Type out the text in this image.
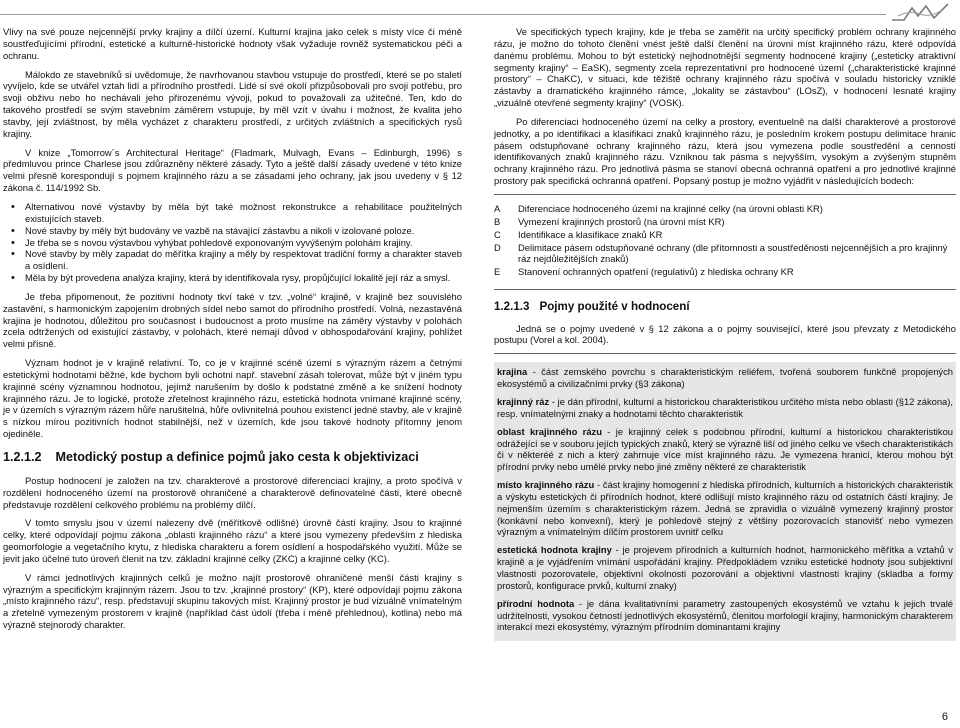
Vlivy na své pouze nejcennější prvky krajiny a dílčí území. Kulturní krajina jako celek s místy více či méně soustřeďujícími přírodní, estetické a kulturně-historické hodnoty však vyžaduje rovněž systematickou péči a ochranu.

Málokdo ze stavebníků si uvědomuje, že navrhovanou stavbou vstupuje do prostředí, které se po staletí vyvíjelo, kde se utvářel vztah lidí a přírodního prostředí. Lidé si své okolí přizpůsobovali pro svoji potřebu, pro svoji obživu nebo ho nechávali jeho přirozenému vývoji, pokud to považovali za užitečné. Ten, kdo do takového prostředí se svým stavebním záměrem vstupuje, by měl vzít v úvahu i možnost, že kvalita jeho stavby, její zvláštnost, by měla vycházet z charakteru prostředí, z určitých zvláštních a specifických rysů krajiny.

V knize „Tomorrow´s Architectural Heritage“ (Fladmark, Mulvagh, Evans – Edinburgh, 1996) s předmluvou prince Charlese jsou zdůrazněny některé zásady. Tyto a ještě další zásady uvedené v této knize velmi přesně korespondují s pojmem krajinného rázu a se zásadami jeho ochrany, jak jsou uvedeny v § 12 zákona č. 114/1992 Sb.

• Alternativou nové výstavby by měla být také možnost rekonstrukce a rehabilitace použitelných existujících staveb.
• Nové stavby by měly být budovány ve vazbě na stávající zástavbu a nikoli v izolované poloze.
• Je třeba se s novou výstavbou vyhýbat pohledově exponovaným vyvýšeným polohám krajiny.
• Nové stavby by měly zapadat do měřítka krajiny a měly by respektovat tradiční formy a charakter staveb a osídlení.
• Měla by být provedena analýza krajiny, která by identifikovala rysy, propůjčující lokalitě její ráz a smysl.

Je třeba připomenout, že pozitivní hodnoty tkví také v tzv. „volné“ krajině, v krajině bez souvislého zastavění, s harmonickým zapojením drobných sídel nebo samot do přírodního prostředí. Volná, nezastavěná krajina je hodnotou, důležitou pro současnost i budoucnost a proto musíme na záměry výstavby v polohách zcela odtržených od existující zástavby, v polohách, které nemají důvod v obhospodařování krajiny, pohlížet velmi přísně.

Význam hodnot je v krajině relativní. To, co je v krajinné scéně území s výrazným rázem a četnými estetickými hodnotami běžné, kde bychom byli ochotni např. stavební zásah tolerovat, může být v jiném typu krajinné scény významnou hodnotou, jejímž narušením by došlo k podstatné změně a ke snížení hodnoty krajinného rázu. Je to logické, protože zřetelnost krajinného rázu, estetická hodnota vnímané krajinné scény, je v územích s výrazným rázem hůře narušitelná, hůře ovlivnitelná pouhou existencí jedné stavby, ale v krajině s nízkou mírou pozitivních hodnot stabilnější, než v územích, kde jsou takové hodnoty přítomny jenom ojediněle.

1.2.1.2 Metodický postup a definice pojmů jako cesta k objektivizaci

Postup hodnocení je založen na tzv. charakterové a prostorové diferenciaci krajiny, a proto spočívá v rozdělení hodnoceného území na prostorově ohraničené a charakterově definovatelné části, které obecně představuje rozdělení celkového problému na problémy dílčí.

V tomto smyslu jsou v území nalezeny dvě (měřítkově odlišné) úrovně částí krajiny. Jsou to krajinné celky, které odpovídají pojmu zákona „oblasti krajinného rázu“ a které jsou vymezeny především z hlediska geomorfologie a vegetačního krytu, z hlediska charakteru a forem osídlení a hospodářského využití. Může se jevit jako účelné tuto úroveň členit na tzv. základní krajinné celky (ZKC) a krajinné celky (KC).

V rámci jednotlivých krajinných celků je možno najít prostorově ohraničené menší části krajiny s výrazným a specifickým krajinným rázem. Jsou to tzv. „krajinné prostory“ (KP), které odpovídají pojmu zákona „místo krajinného rázu“, resp. představují skupinu takových míst. Krajinný prostor je bud vizuálně vnímatelným a zřetelně vymezeným prostorem v krajině (například část údolí (třeba i méně přehlednou), kotlina) nebo má výrazně stejnorodý charakter.

Ve specifických typech krajiny, kde je třeba se zaměřit na určitý specifický problém ochrany krajinného rázu, je možno do tohoto členění vnést ještě další členění na úrovni míst krajinného rázu, které odpovídá danému problému. Mohou to být estetický nejhodnotnější segmenty hodnocené krajiny („esteticky atraktivní segmenty krajiny“ – EaSK), segmenty zcela reprezentativní pro hodnocené území („charakteristické krajinné prostory“ – ChaKC), v situaci, kde těžiště ochrany krajinného rázu spočívá v souladu historicky vzniklé zástavby a dramatického krajinného rámce, „lokality se zástavbou“ (LOsZ), v hodnocení lesnaté krajiny „vizuálně otevřené segmenty krajiny“ (VOSK).

Po diferenciaci hodnoceného území na celky a prostory, eventuelně na další charakterové a prostorové jednotky, a po identifikaci a klasifikaci znaků krajinného rázu, je posledním krokem postupu delimitace hranic pásem odstupňované ochrany krajinného rázu, která jsou vymezena podle soustředění a cenností identifikovaných znaků krajinného rázu. Vzniknou tak pásma s nejvyšším, vysokým a zvýšeným stupněm ochrany krajinného rázu. Pro jednotlivá pásma se stanoví obecná ochranná opatření a pro jednotlivé krajinné prostory pak specifická ochranná opatření. Popsaný postup je možno vyjádřit v následujících bodech:

A	Diferenciace hodnoceného území na krajinné celky (na úrovni oblasti KR)
B	Vymezení krajinných prostorů (na úrovni míst KR)
C	Identifikace a klasifikace znaků KR
D	Delimitace pásem odstupňované ochrany (dle přítomnosti a soustředěnosti nejcennějších a pro krajinný ráz nejdůležitějších znaků)
E	Stanovení ochranných opatření (regulativů) z hlediska ochrany KR
1.2.1.3 Pojmy použité v hodnocení

Jedná se o pojmy uvedené v § 12 zákona a o pojmy související, které jsou převzaty z Metodického postupu (Vorel a kol. 2004).

krajina - část zemského povrchu s charakteristickým reliéfem, tvořená souborem funkčně propojených ekosystémů a civilizačními prvky (§3 zákona)

krajinný ráz - je dán přírodní, kulturní a historickou charakteristikou určitého místa nebo oblasti (§12 zákona), resp. vnímatelnými znaky a hodnotami těchto charakteristik

oblast krajinného rázu - je krajinný celek s podobnou přírodní, kulturní a historickou charakteristikou odrážející se v souboru jejích typických znaků, který se výrazně liší od jiného celku ve všech charakteristikách či v některéé z nich a který zahrnuje více míst krajinného rázu. Je vymezena hranicí, kterou mohou být přírodní prvky nebo umělé prvky nebo jiné změny některé ze charakteristik

místo krajinného rázu - část krajiny homogenní z hlediska přírodních, kulturních a historických charakteristik a výskytu estetických či přírodních hodnot, které odlišují místo krajinného rázu od ostatních částí krajiny. Je nejmenším územím s charakteristickým rázem. Jedná se zpravidla o vizuálně vymezený krajinný prostor (konkávní nebo konvexní), který je pohledově stejný z většiny pozorovacích stanovišť nebo vymezen výrazným a vnímatelným dílčím prostorem uvnitř celku

estetická hodnota krajiny - je projevem přírodních a kulturních hodnot, harmonického měřítka a vztahů v krajině a je vyjádřením vnímání uspořádání krajiny. Předpokládem vzniku estetické hodnoty jsou subjektivní vlastnosti pozorovatele, objektivní okolnosti pozorování a objektivní vlastnosti krajiny (skladba a formy prostorů, konfigurace prvků, kulturní znaky)

přírodní hodnota - je dána kvalitativními parametry zastoupených ekosystémů ve vztahu k jejich trvalé udržitelnosti, vysokou četností jednotlivých ekosystémů, členitou morfologií krajiny, harmonickým charakterem interakcí mezi ekosystémy, výrazným přírodním dominantami krajiny

6
